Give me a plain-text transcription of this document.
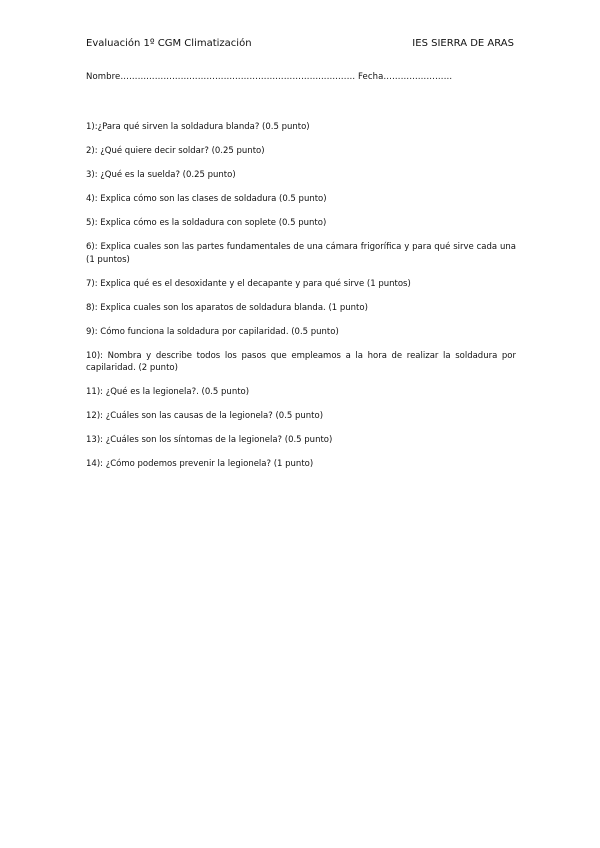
Evaluación 1º CGM Climatización	IES SIERRA DE ARAS
Nombre……………………………………………………………...…….… Fecha……………………
1):¿Para qué sirven la soldadura blanda? (0.5 punto)
2): ¿Qué quiere decir soldar? (0.25 punto)
3): ¿Qué es la suelda? (0.25 punto)
4): Explica cómo son las clases de soldadura (0.5 punto)
5): Explica cómo es la soldadura con soplete (0.5 punto)
6): Explica cuales son las partes fundamentales de una cámara frigorífica y para qué sirve cada una (1 puntos)
7): Explica qué es el desoxidante y el decapante y para qué sirve (1 puntos)
8): Explica cuales son los aparatos de soldadura blanda. (1 punto)
9): Cómo funciona la soldadura por capilaridad. (0.5 punto)
10): Nombra y describe todos los pasos que empleamos a la hora de realizar la soldadura por capilaridad. (2 punto)
11): ¿Qué es la legionela?. (0.5 punto)
12): ¿Cuáles son las causas de la legionela? (0.5 punto)
13): ¿Cuáles son los síntomas de la legionela? (0.5 punto)
14): ¿Cómo podemos prevenir la legionela? (1 punto)
